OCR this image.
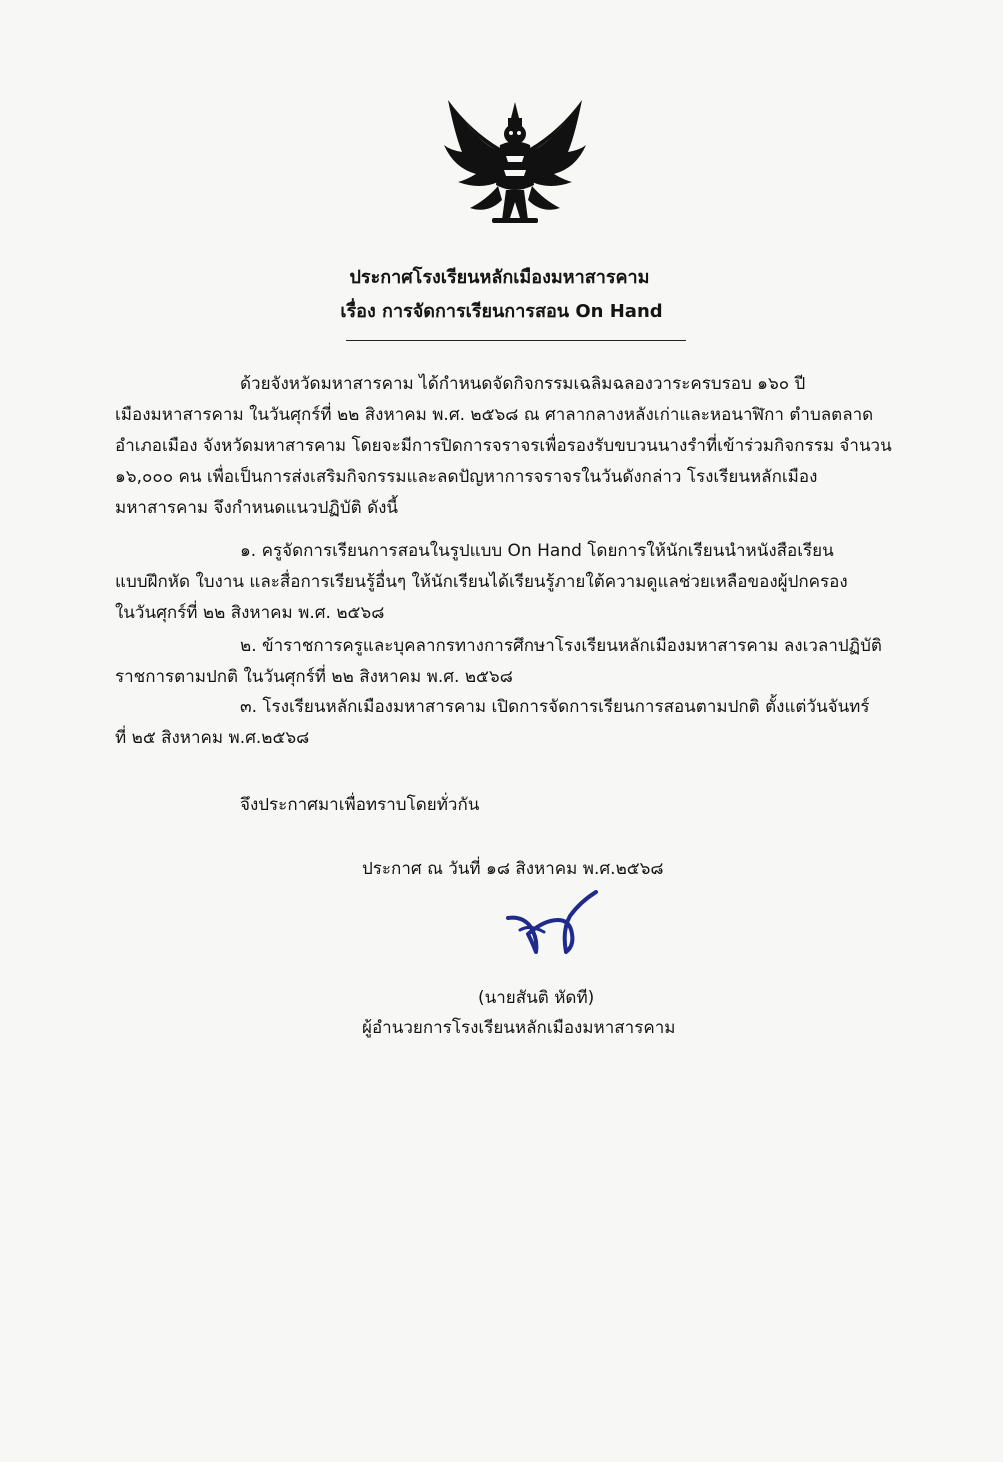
ประกาศโรงเรียนหลักเมืองมหาสารคาม
เรื่อง การจัดการเรียนการสอน On Hand
ด้วยจังหวัดมหาสารคาม ได้กำหนดจัดกิจกรรมเฉลิมฉลองวาระครบรอบ ๑๖๐ ปี
เมืองมหาสารคาม ในวันศุกร์ที่ ๒๒ สิงหาคม พ.ศ. ๒๕๖๘ ณ ศาลากลางหลังเก่าและหอนาฬิกา ตำบลตลาด
อำเภอเมือง จังหวัดมหาสารคาม โดยจะมีการปิดการจราจรเพื่อรองรับขบวนนางรำที่เข้าร่วมกิจกรรม จำนวน
๑๖,๐๐๐ คน เพื่อเป็นการส่งเสริมกิจกรรมและลดปัญหาการจราจรในวันดังกล่าว โรงเรียนหลักเมือง
มหาสารคาม จึงกำหนดแนวปฏิบัติ ดังนี้
๑. ครูจัดการเรียนการสอนในรูปแบบ On Hand โดยการให้นักเรียนนำหนังสือเรียน
แบบฝึกหัด ใบงาน และสื่อการเรียนรู้อื่นๆ ให้นักเรียนได้เรียนรู้ภายใต้ความดูแลช่วยเหลือของผู้ปกครอง
ในวันศุกร์ที่ ๒๒ สิงหาคม พ.ศ. ๒๕๖๘
๒. ข้าราชการครูและบุคลากรทางการศึกษาโรงเรียนหลักเมืองมหาสารคาม ลงเวลาปฏิบัติ
ราชการตามปกติ ในวันศุกร์ที่ ๒๒ สิงหาคม พ.ศ. ๒๕๖๘
๓. โรงเรียนหลักเมืองมหาสารคาม เปิดการจัดการเรียนการสอนตามปกติ ตั้งแต่วันจันทร์
ที่ ๒๕ สิงหาคม พ.ศ.๒๕๖๘
จึงประกาศมาเพื่อทราบโดยทั่วกัน
ประกาศ ณ วันที่ ๑๘ สิงหาคม พ.ศ.๒๕๖๘
(นายสันติ หัดที)
ผู้อำนวยการโรงเรียนหลักเมืองมหาสารคาม
